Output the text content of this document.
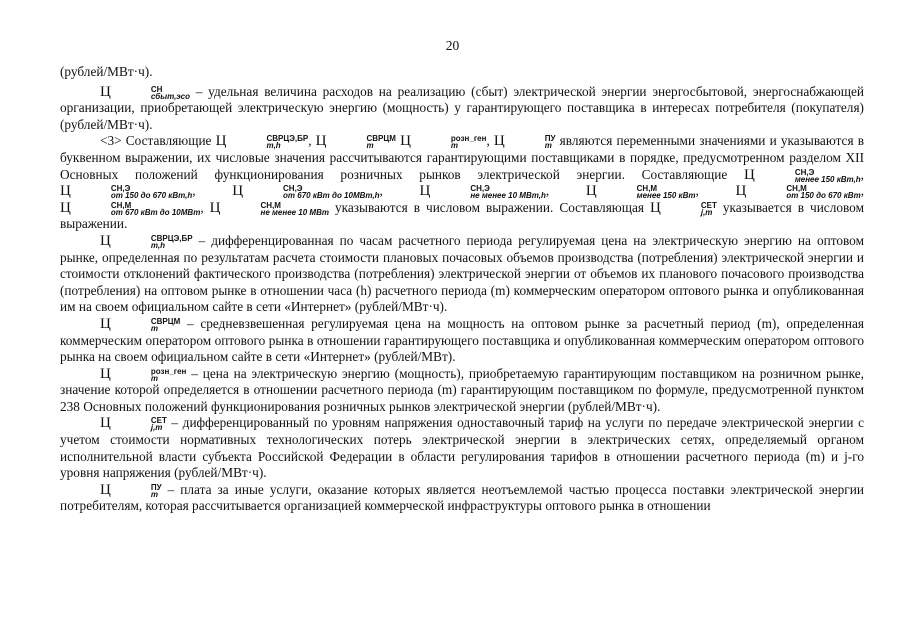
20

(рублей/МВт·ч).

Ц	СН
сбыт,эсо – удельная величина расходов на реализацию (сбыт) электрической энергии энергосбытовой, энергоснабжающей организации, приобретающей электрическую энергию (мощность) у гарантирующего поставщика в интересах потребителя (покупателя) (рублей/МВт·ч).

<3> Составляющие Ц	СВРЦЭ,БР
m,h	, Ц	СВРЦМ
m	Ц	розн_ген
m	, Ц	ПУ
m являются переменными значениями и указываются в буквенном выражении, их числовые значения рассчитываются гарантирующими поставщиками в порядке, предусмотренном разделом XII Основных положений функционирования розничных рынков электрической энергии. Составляющие Ц	СН,Э
менее 150 кВт,h , Ц	СН,Э
от 150 до 670 кВт,h , Ц	СН,Э
от 670 кВт до 10МВт,h , Ц	СН,Э
не менее 10 МВт,h , Ц	СН,М
менее 150 кВт , Ц	СН,М
от 150 до 670 кВт , Ц	СН,М
от 670 кВт до 10МВт , Ц	СН,М
не менее 10 МВт указываются в числовом выражении. Составляющая Ц	СЕТ
j,m указывается в числовом выражении.

Ц	СВРЦЭ,БР
m,h	– дифференцированная по часам расчетного периода регулируемая цена на электрическую энергию на оптовом рынке, определенная по результатам расчета стоимости плановых почасовых объемов производства (потребления) электрической энергии и стоимости отклонений фактического производства (потребления) электрической энергии от объемов их планового почасового производства (потребления) на оптовом рынке в отношении часа (h) расчетного периода (m) коммерческим оператором оптового рынка и опубликованная им на своем официальном сайте в сети «Интернет» (рублей/МВт·ч).

Ц	СВРЦМ
m	– средневзвешенная регулируемая цена на мощность на оптовом рынке за расчетный период (m), определенная коммерческим оператором оптового рынка в отношении гарантирующего поставщика и опубликованная коммерческим оператором оптового рынка на своем официальном сайте в сети «Интернет» (рублей/МВт).

Ц	розн_ген
m	– цена на электрическую энергию (мощность), приобретаемую гарантирующим поставщиком на розничном рынке, значение которой определяется в отношении расчетного периода (m) гарантирующим поставщиком по формуле, предусмотренной пунктом 238 Основных положений функционирования розничных рынков электрической энергии (рублей/МВт·ч).

Ц	СЕТ
j,m – дифференцированный по уровням напряжения одноставочный тариф на услуги по передаче электрической энергии с учетом стоимости нормативных технологических потерь электрической энергии в электрических сетях, определяемый органом исполнительной власти субъекта Российской Федерации в области регулирования тарифов в отношении расчетного периода (m) и j-го уровня напряжения (рублей/МВт·ч).

Ц	ПУ
m – плата за иные услуги, оказание которых является неотъемлемой частью процесса поставки электрической энергии потребителям, которая рассчитывается организацией коммерческой инфраструктуры оптового рынка в отношении
